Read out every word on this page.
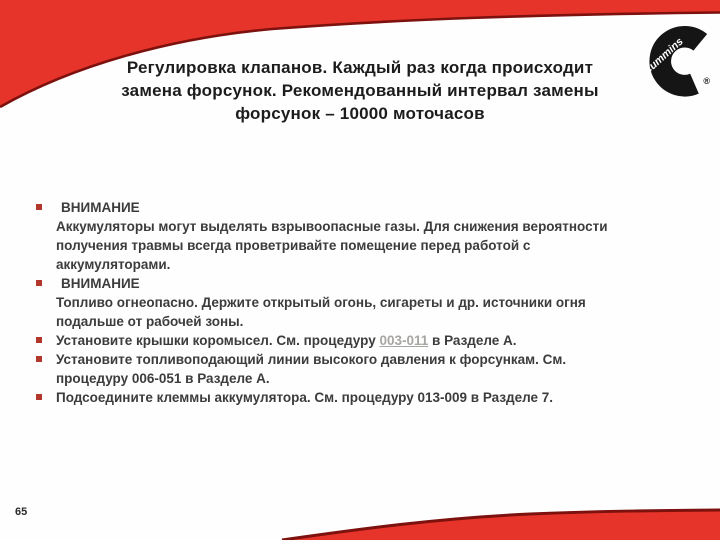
Cummins
®
Регулировка клапанов. Каждый раз когда происходит
замена форсунок. Рекомендованный интервал замены
форсунок – 10000 моточасов
ВНИМАНИЕ
Аккумуляторы могут выделять взрывоопасные газы. Для снижения вероятности
получения травмы всегда проветривайте помещение перед работой с
аккумуляторами.
ВНИМАНИЕ
Топливо огнеопасно. Держите открытый огонь, сигареты и др. источники огня
подальше от рабочей зоны.
Установите крышки коромысел. См. процедуру 003-011 в Разделе А.
Установите топливоподающий линии высокого давления к форсункам. См.
процедуру 006-051 в Разделе А.
Подсоедините клеммы аккумулятора. См. процедуру 013-009 в Разделе 7.
65
